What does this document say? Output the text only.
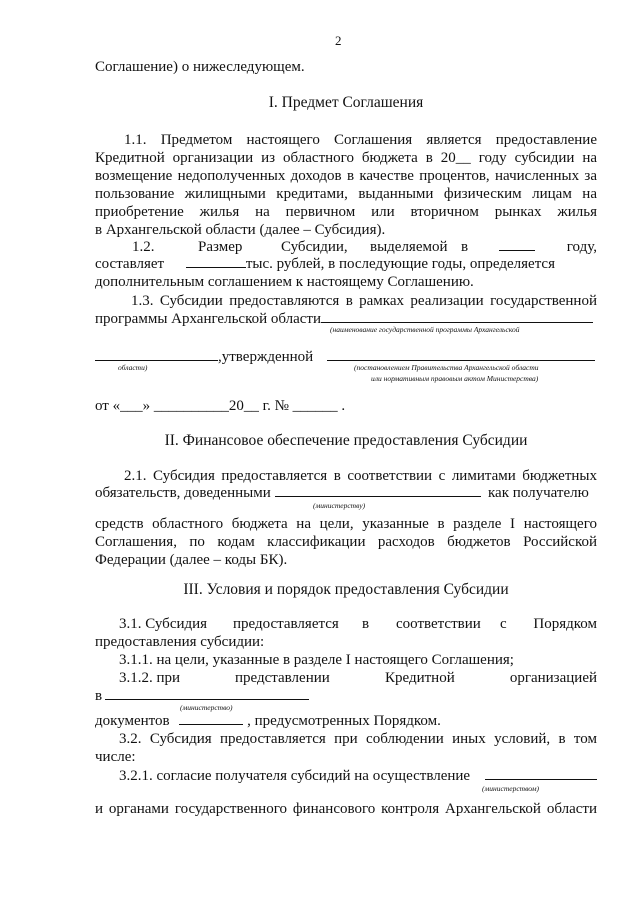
2
Соглашение) о нижеследующем.
I. Предмет Соглашения
1.1. Предметом настоящего Соглашения является предоставление
Кредитной организации из областного бюджета в 20__ году субсидии на
возмещение недополученных доходов в качестве процентов, начисленных за
пользование жилищными кредитами, выданными физическим лицам на
приобретение жилья на первичном или вторичном рынках жилья
в Архангельской области (далее – Субсидия).
1.2.	Размер	Субсидии, выделяемой в	году,
составляет	тыс. рублей, в последующие годы, определяется
дополнительным соглашением к настоящему Соглашению.
1.3. Субсидии предоставляются в рамках реализации государственной
программы Архангельской области
(наименование государственной программы Архангельской
,утвержденной
области)	(постановлением Правительства Архангельской области
или нормативным правовым актом Министерства)
от «___» __________20__ г. № ______ .
II. Финансовое обеспечение предоставления Субсидии
2.1. Субсидия предоставляется в соответствии с лимитами бюджетных
обязательств, доведенными	как получателю
(министерству)
средств областного бюджета на цели, указанные в разделе I настоящего
Соглашения, по кодам классификации расходов бюджетов Российской
Федерации (далее – коды БК).
III. Условия и порядок предоставления Субсидии
3.1. Субсидия предоставляется в соответствии с Порядком
предоставления субсидии:
3.1.1. на цели, указанные в разделе I настоящего Соглашения;
3.1.2. при	представлении	Кредитной	организацией
в
(министерство)
документов	, предусмотренных Порядком.
3.2. Субсидия предоставляется при соблюдении иных условий, в том
числе:
3.2.1. согласие получателя субсидий на осуществление
(министерством)
и органами государственного финансового контроля Архангельской области
